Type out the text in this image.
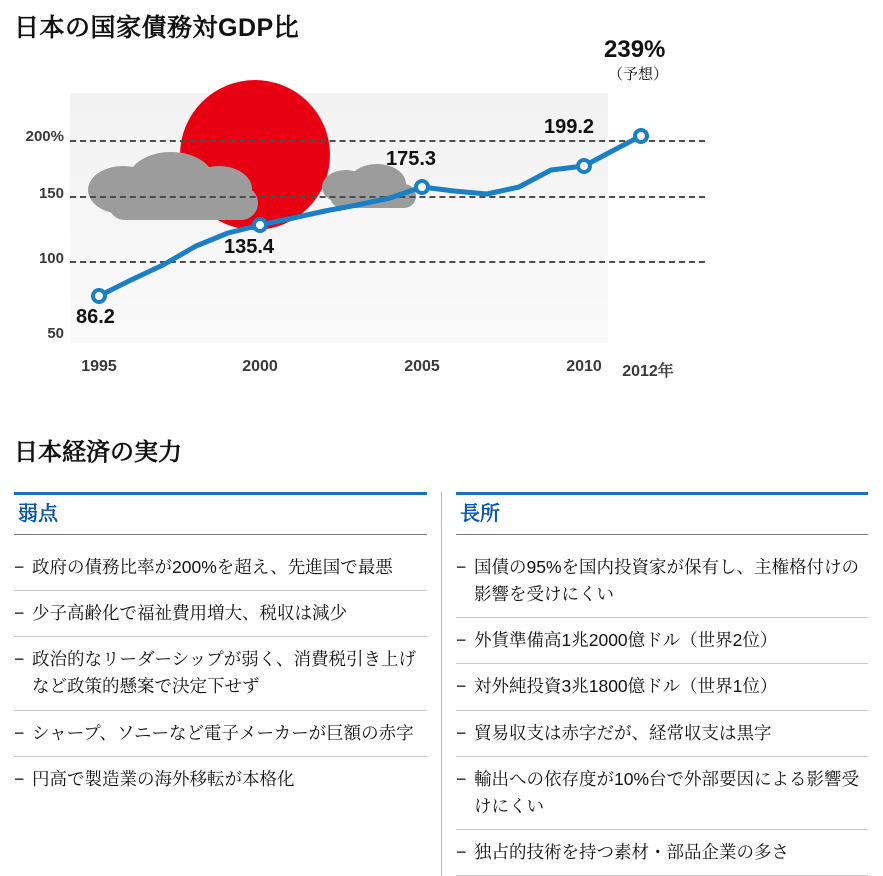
日本の国家債務対GDP比
200%
150
100
50
86.2
135.4
175.3
199.2
239%
（予想）
1995	2000	2005	2010	2012年
日本経済の実力
弱点
− 政府の債務比率が200%を超え、先進国で最悪
− 少子高齢化で福祉費用増大、税収は減少
− 政治的なリーダーシップが弱く、消費税引き上げなど政策的懸案で決定下せず
− シャープ、ソニーなど電子メーカーが巨額の赤字
− 円高で製造業の海外移転が本格化
長所
− 国債の95%を国内投資家が保有し、主権格付けの影響を受けにくい
− 外貨準備高1兆2000億ドル（世界2位）
− 対外純投資3兆1800億ドル（世界1位）
− 貿易収支は赤字だが、経常収支は黒字
− 輸出への依存度が10%台で外部要因による影響受けにくい
− 独占的技術を持つ素材・部品企業の多さ
